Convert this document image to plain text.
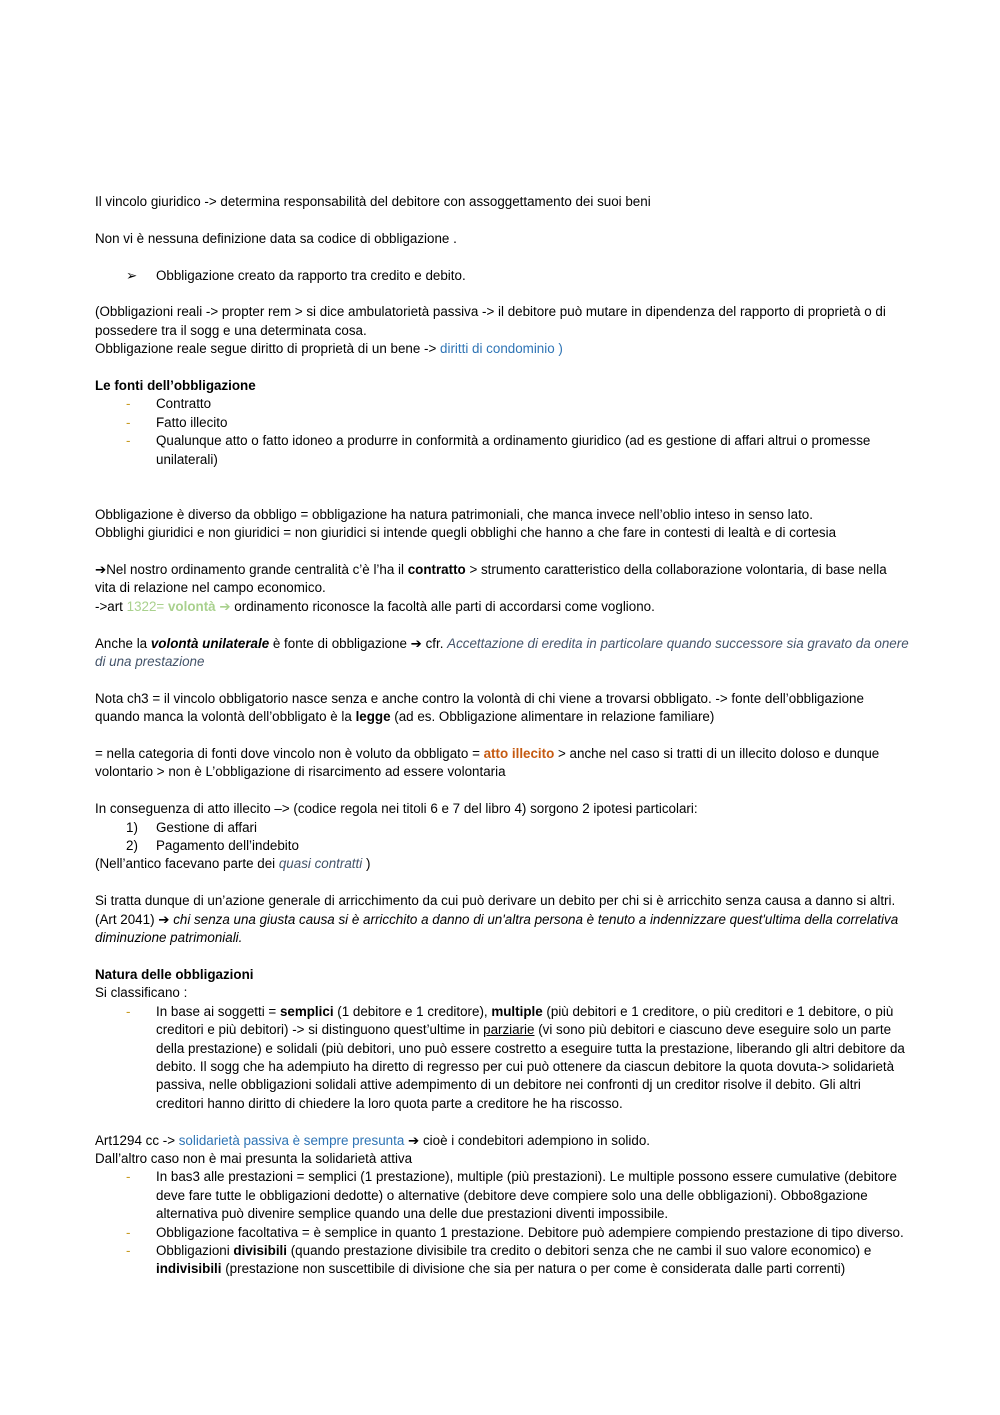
Il vincolo giuridico -> determina responsabilità del debitore con assoggettamento dei suoi beni

Non vi è nessuna definizione data sa codice di obbligazione .

➢ Obbligazione creato da rapporto tra credito e debito.

(Obbligazioni reali -> propter rem > si dice ambulatorietà passiva -> il debitore può mutare in dipendenza del rapporto di proprietà o di possedere tra il sogg e una determinata cosa.

Obbligazione reale segue diritto di proprietà di un bene -> diritti di condominio )

Le fonti dell’obbligazione

- Contratto
- Fatto illecito
- Qualunque atto o fatto idoneo a produrre in conformità a ordinamento giuridico (ad es gestione di affari altrui o promesse unilaterali)

Obbligazione è diverso da obbligo = obbligazione ha natura patrimoniali, che manca invece nell’oblio inteso in senso lato.

Obblighi giuridici e non giuridici = non giuridici si intende quegli obblighi che hanno a che fare in contesti di lealtà e di cortesia

➔Nel nostro ordinamento grande centralità c’è l’ha il contratto > strumento caratteristico della collaborazione volontaria, di base nella vita di relazione nel campo economico.

->art 1322= volontà ➔ ordinamento riconosce la facoltà alle parti di accordarsi come vogliono.

Anche la volontà unilaterale è fonte di obbligazione ➔ cfr. Accettazione di eredita in particolare quando successore sia gravato da onere di una prestazione

Nota ch3 = il vincolo obbligatorio nasce senza e anche contro la volontà di chi viene a trovarsi obbligato. -> fonte dell’obbligazione quando manca la volontà dell’obbligato è la legge (ad es. Obbligazione alimentare in relazione familiare)

= nella categoria di fonti dove vincolo non è voluto da obbligato = atto illecito > anche nel caso si tratti di un illecito doloso e dunque volontario > non è L’obbligazione di risarcimento ad essere volontaria

In conseguenza di atto illecito –> (codice regola nei titoli 6 e 7 del libro 4) sorgono 2 ipotesi particolari:

1) Gestione di affari
2) Pagamento dell’indebito

(Nell’antico facevano parte dei quasi contratti )

Si tratta dunque di un’azione generale di arricchimento da cui può derivare un debito per chi si è arricchito senza causa a danno si altri. (Art 2041) ➔ chi senza una giusta causa si è arricchito a danno di un'altra persona è tenuto a indennizzare quest'ultima della correlativa diminuzione patrimoniali.

Natura delle obbligazioni

Si classificano :

- In base ai soggetti = semplici (1 debitore e 1 creditore), multiple (più debitori e 1 creditore, o più creditori e 1 debitore, o più creditori e più debitori) -> si distinguono quest’ultime in parziarie (vi sono più debitori e ciascuno deve eseguire solo un parte della prestazione) e solidali (più debitori, uno può essere costretto a eseguire tutta la prestazione, liberando gli altri debitore da debito. Il sogg che ha adempiuto ha diretto di regresso per cui può ottenere da ciascun debitore la quota dovuta-> solidarietà passiva, nelle obbligazioni solidali attive adempimento di un debitore nei confronti dj un creditor risolve il debito. Gli altri creditori hanno diritto di chiedere la loro quota parte a creditore he ha riscosso.

Art1294 cc -> solidarietà passiva è sempre presunta ➔ cioè i condebitori adempiono in solido.

Dall’altro caso non è mai presunta la solidarietà attiva

- In bas3 alle prestazioni = semplici (1 prestazione), multiple (più prestazioni). Le multiple possono essere cumulative (debitore deve fare tutte le obbligazioni dedotte) o alternative (debitore deve compiere solo una delle obbligazioni). Obbo8gazione alternativa può divenire semplice quando una delle due prestazioni diventi impossibile.
- Obbligazione facoltativa = è semplice in quanto 1 prestazione. Debitore può adempiere compiendo prestazione di tipo diverso.
- Obbligazioni divisibili (quando prestazione divisibile tra credito o debitori senza che ne cambi il suo valore economico) e indivisibili (prestazione non suscettibile di divisione che sia per natura o per come è considerata dalle parti correnti)
